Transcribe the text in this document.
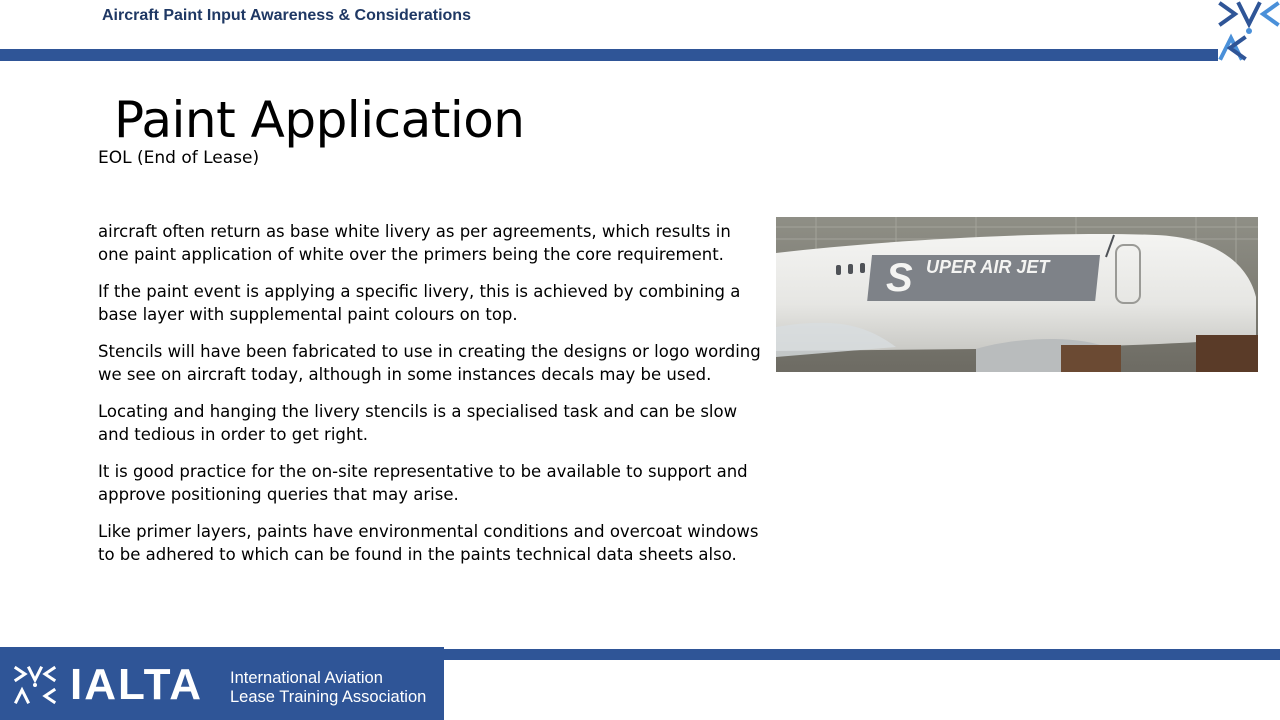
Aircraft Paint Input Awareness & Considerations
Paint Application
EOL (End of Lease)

aircraft often return as base white livery as per agreements, which results in one paint application of white over the primers being the core requirement.

If the paint event is applying a specific livery, this is achieved by combining a base layer with supplemental paint colours on top.

Stencils will have been fabricated to use in creating the designs or logo wording we see on aircraft today, although in some instances decals may be used.

Locating and hanging the livery stencils is a specialised task and can be slow and tedious in order to get right.

It is good practice for the on-site representative to be available to support and approve positioning queries that may arise.

Like primer layers, paints have environmental conditions and overcoat windows to be adhered to which can be found in the paints technical data sheets also.

S UPER AIR JET
IALTA International Aviation
Lease Training Association
